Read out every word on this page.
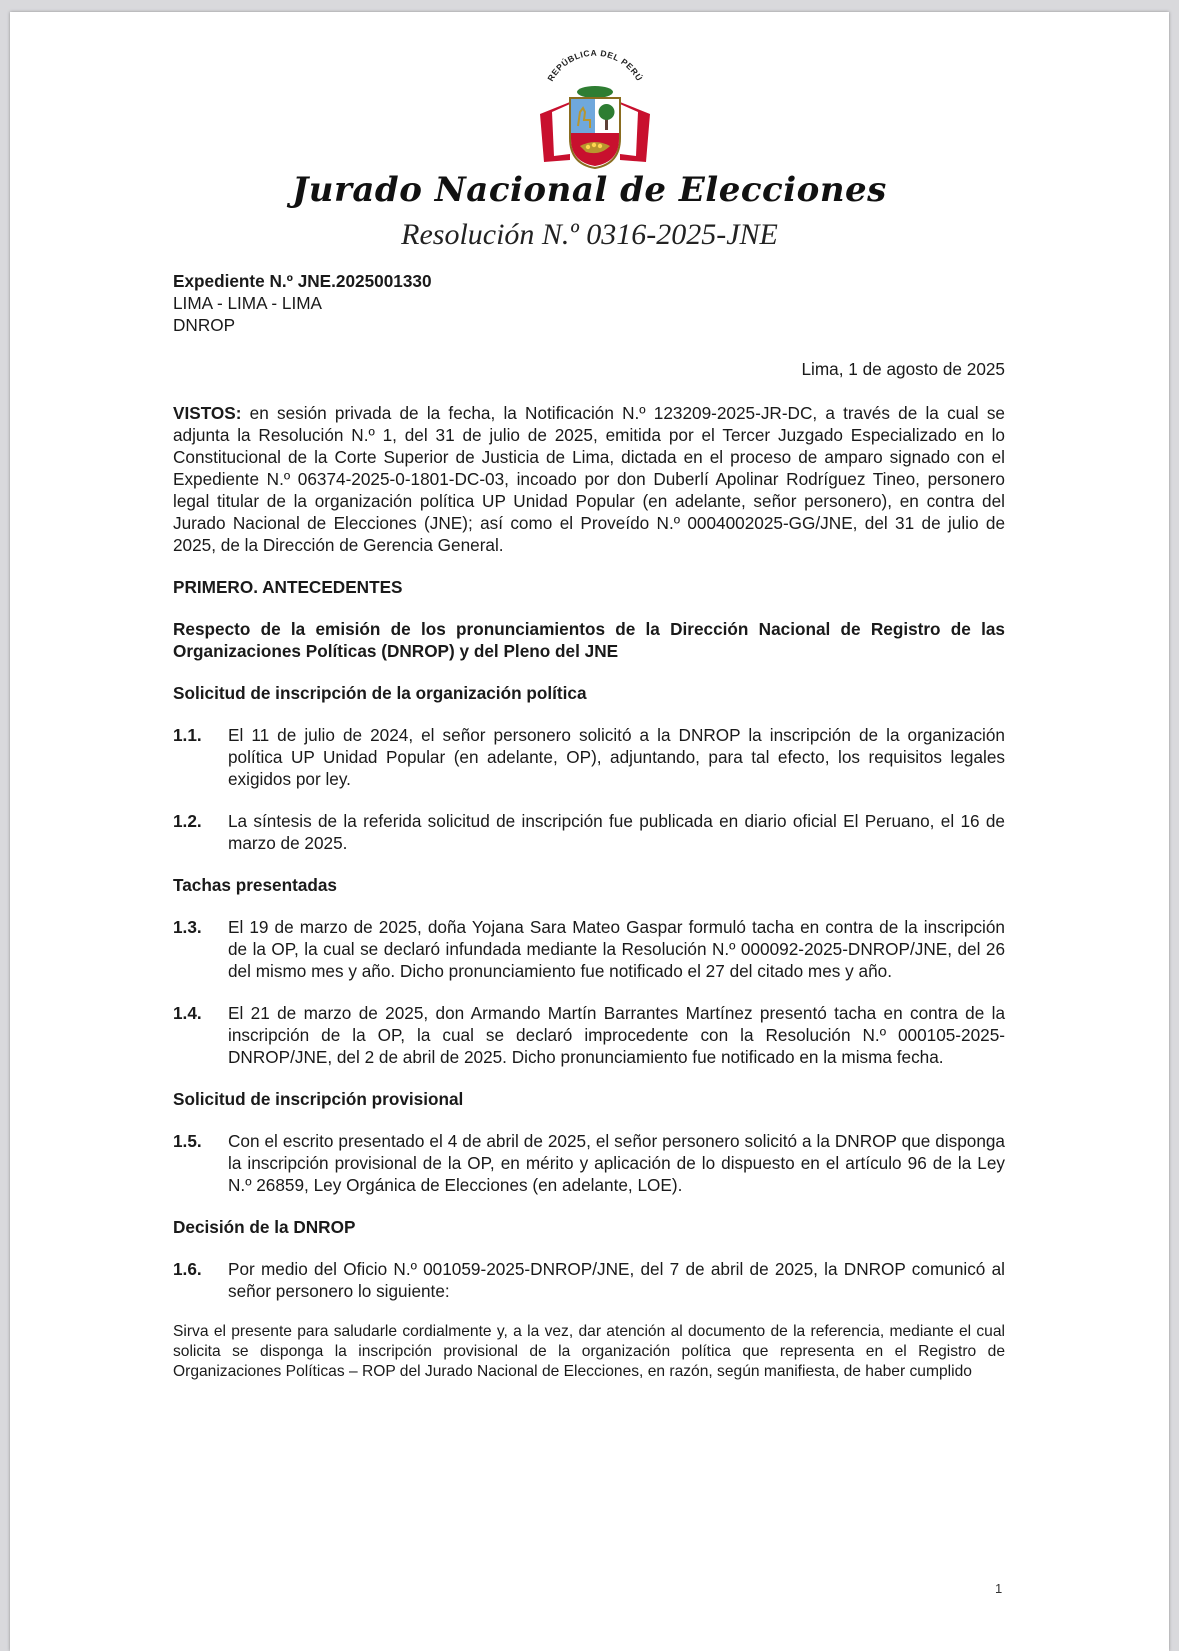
REPÚBLICA DEL PERÚ
Jurado Nacional de Elecciones
Resolución N.º 0316-2025-JNE

Expediente N.º JNE.2025001330

LIMA - LIMA - LIMA

DNROP

Lima, 1 de agosto de 2025

VISTOS: en sesión privada de la fecha, la Notificación N.º 123209-2025-JR-DC, a través de la cual se adjunta la Resolución N.º 1, del 31 de julio de 2025, emitida por el Tercer Juzgado Especializado en lo Constitucional de la Corte Superior de Justicia de Lima, dictada en el proceso de amparo signado con el Expediente N.º 06374-2025-0-1801-DC-03, incoado por don Duberlí Apolinar Rodríguez Tineo, personero legal titular de la organización política UP Unidad Popular (en adelante, señor personero), en contra del Jurado Nacional de Elecciones (JNE); así como el Proveído N.º 0004002025-GG/JNE, del 31 de julio de 2025, de la Dirección de Gerencia General.

PRIMERO. ANTECEDENTES

Respecto de la emisión de los pronunciamientos de la Dirección Nacional de Registro de las Organizaciones Políticas (DNROP) y del Pleno del JNE

Solicitud de inscripción de la organización política

1.1.	El 11 de julio de 2024, el señor personero solicitó a la DNROP la inscripción de la organización política UP Unidad Popular (en adelante, OP), adjuntando, para tal efecto, los requisitos legales exigidos por ley.
1.2.	La síntesis de la referida solicitud de inscripción fue publicada en diario oficial El Peruano, el 16 de marzo de 2025.

Tachas presentadas

1.3.	El 19 de marzo de 2025, doña Yojana Sara Mateo Gaspar formuló tacha en contra de la inscripción de la OP, la cual se declaró infundada mediante la Resolución N.º 000092-2025-DNROP/JNE, del 26 del mismo mes y año. Dicho pronunciamiento fue notificado el 27 del citado mes y año.
1.4.	El 21 de marzo de 2025, don Armando Martín Barrantes Martínez presentó tacha en contra de la inscripción de la OP, la cual se declaró improcedente con la Resolución N.º 000105-2025-DNROP/JNE, del 2 de abril de 2025. Dicho pronunciamiento fue notificado en la misma fecha.

Solicitud de inscripción provisional

1.5.	Con el escrito presentado el 4 de abril de 2025, el señor personero solicitó a la DNROP que disponga la inscripción provisional de la OP, en mérito y aplicación de lo dispuesto en el artículo 96 de la Ley N.º 26859, Ley Orgánica de Elecciones (en adelante, LOE).

Decisión de la DNROP

1.6.	Por medio del Oficio N.º 001059-2025-DNROP/JNE, del 7 de abril de 2025, la DNROP comunicó al señor personero lo siguiente:

Sirva el presente para saludarle cordialmente y, a la vez, dar atención al documento de la referencia, mediante el cual solicita se disponga la inscripción provisional de la organización política que representa en el Registro de Organizaciones Políticas – ROP del Jurado Nacional de Elecciones, en razón, según manifiesta, de haber cumplido

1
